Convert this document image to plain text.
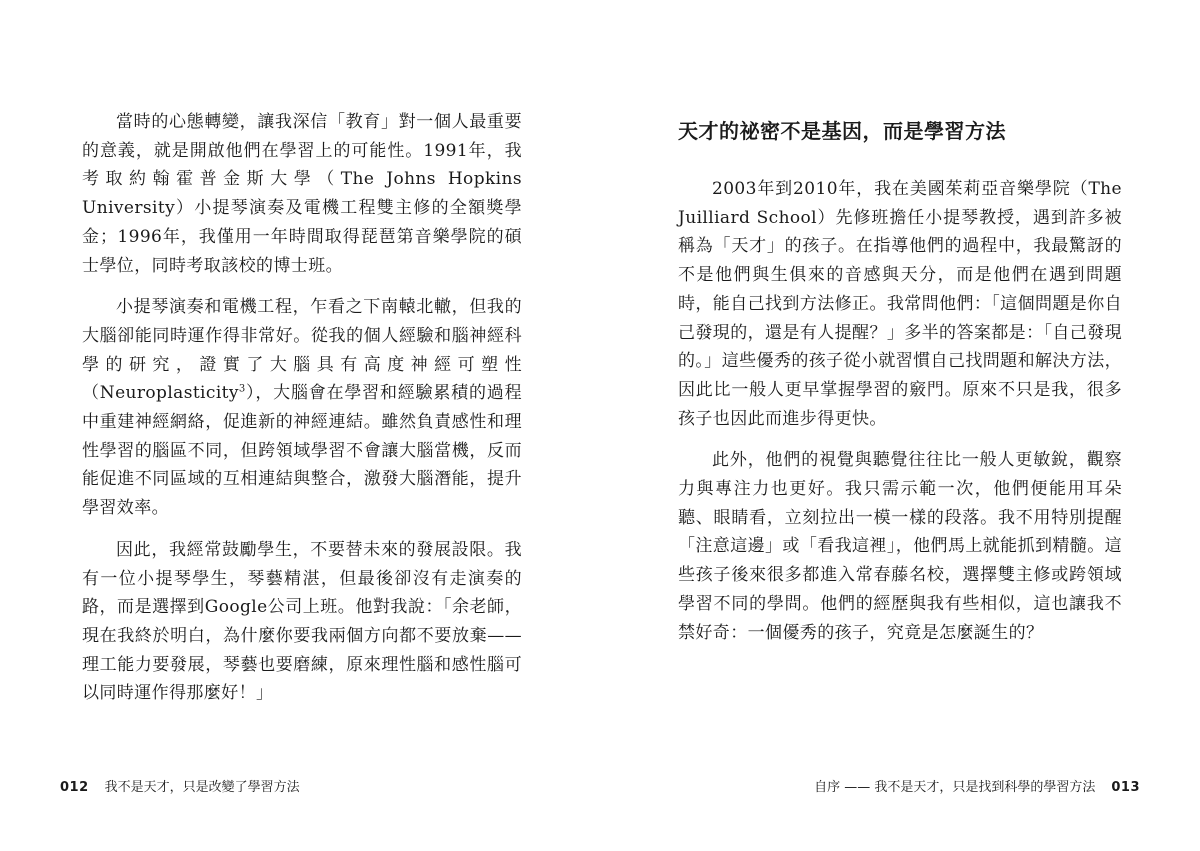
當時的心態轉變，讓我深信「教育」對一個人最重要的意義，就是開啟他們在學習上的可能性。1991年，我考取約翰霍普金斯大學（The Johns Hopkins University）小提琴演奏及電機工程雙主修的全額獎學金；1996年，我僅用一年時間取得琵琶第音樂學院的碩士學位，同時考取該校的博士班。

小提琴演奏和電機工程，乍看之下南轅北轍，但我的大腦卻能同時運作得非常好。從我的個人經驗和腦神經科學的研究，證實了大腦具有高度神經可塑性（Neuroplasticity$^3$），大腦會在學習和經驗累積的過程中重建神經網絡，促進新的神經連結。雖然負責感性和理性學習的腦區不同，但跨領域學習不會讓大腦當機，反而能促進不同區域的互相連結與整合，激發大腦潛能，提升學習效率。

因此，我經常鼓勵學生，不要替未來的發展設限。我有一位小提琴學生，琴藝精湛，但最後卻沒有走演奏的路，而是選擇到Google公司上班。他對我說：「余老師，現在我終於明白，為什麼你要我兩個方向都不要放棄——理工能力要發展，琴藝也要磨練，原來理性腦和感性腦可以同時運作得那麼好！」

012 我不是天才，只是改變了學習方法
天才的祕密不是基因，而是學習方法

2003年到2010年，我在美國茱莉亞音樂學院（The Juilliard School）先修班擔任小提琴教授，遇到許多被稱為「天才」的孩子。在指導他們的過程中，我最驚訝的不是他們與生俱來的音感與天分，而是他們在遇到問題時，能自己找到方法修正。我常問他們：「這個問題是你自己發現的，還是有人提醒？」多半的答案都是：「自己發現的。」這些優秀的孩子從小就習慣自己找問題和解決方法，因此比一般人更早掌握學習的竅門。原來不只是我，很多孩子也因此而進步得更快。

此外，他們的視覺與聽覺往往比一般人更敏銳，觀察力與專注力也更好。我只需示範一次，他們便能用耳朵聽、眼睛看，立刻拉出一模一樣的段落。我不用特別提醒「注意這邊」或「看我這裡」，他們馬上就能抓到精髓。這些孩子後來很多都進入常春藤名校，選擇雙主修或跨領域學習不同的學問。他們的經歷與我有些相似，這也讓我不禁好奇：一個優秀的孩子，究竟是怎麼誕生的？

自序 —— 我不是天才，只是找到科學的學習方法 013
